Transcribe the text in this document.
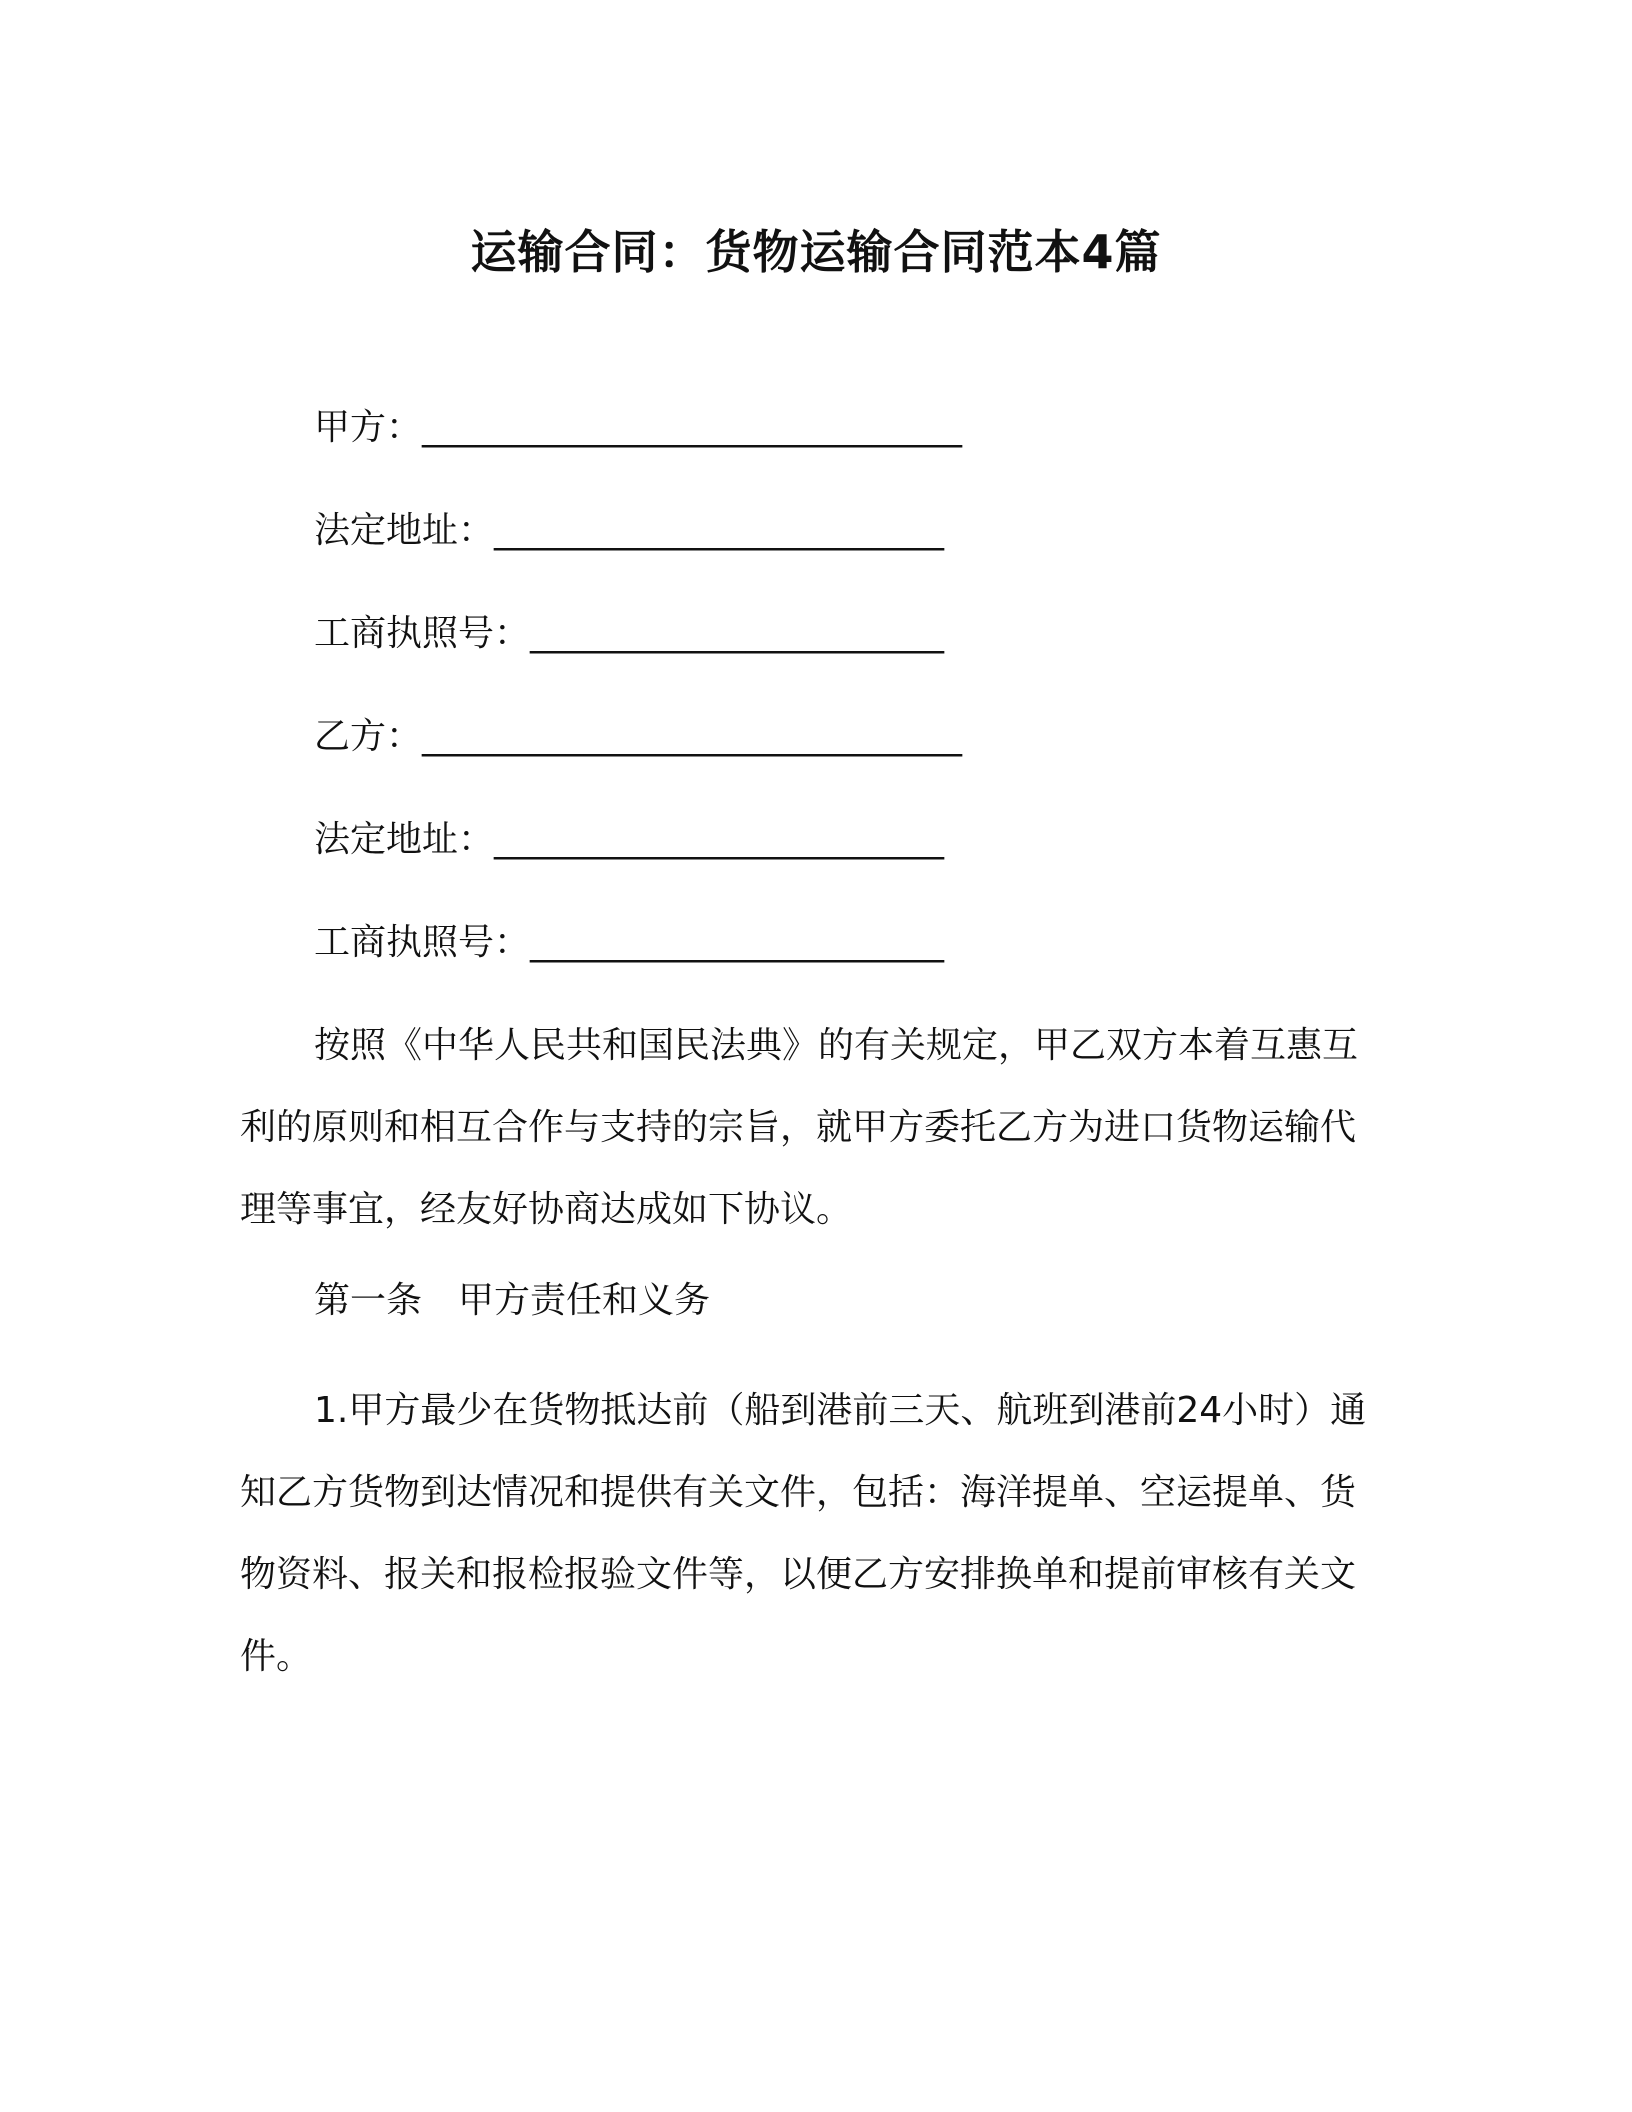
运输合同：货物运输合同范本4篇
甲方：______________________________
法定地址：_________________________
工商执照号：_______________________
乙方：______________________________
法定地址：_________________________
工商执照号：_______________________

按照《中华人民共和国民法典》的有关规定，甲乙双方本着互惠互利的原则和相互合作与支持的宗旨，就甲方委托乙方为进口货物运输代理等事宜，经友好协商达成如下协议。

第一条　甲方责任和义务

1.甲方最少在货物抵达前（船到港前三天、航班到港前24小时）通知乙方货物到达情况和提供有关文件，包括：海洋提单、空运提单、货物资料、报关和报检报验文件等，以便乙方安排换单和提前审核有关文件。
